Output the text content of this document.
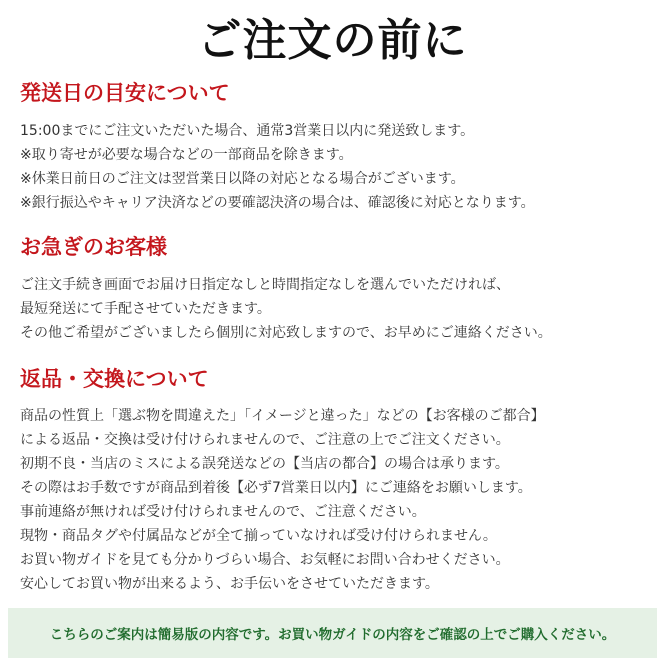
ご注文の前に
発送日の目安について
15:00までにご注文いただいた場合、通常3営業日以内に発送致します。
※取り寄せが必要な場合などの一部商品を除きます。
※休業日前日のご注文は翌営業日以降の対応となる場合がございます。
※銀行振込やキャリア決済などの要確認決済の場合は、確認後に対応となります。
お急ぎのお客様
ご注文手続き画面でお届け日指定なしと時間指定なしを選んでいただければ、
最短発送にて手配させていただきます。
その他ご希望がございましたら個別に対応致しますので、お早めにご連絡ください。
返品・交換について
商品の性質上「選ぶ物を間違えた」「イメージと違った」などの【お客様のご都合】
による返品・交換は受け付けられませんので、ご注意の上でご注文ください。
初期不良・当店のミスによる誤発送などの【当店の都合】の場合は承ります。
その際はお手数ですが商品到着後【必ず7営業日以内】にご連絡をお願いします。
事前連絡が無ければ受け付けられませんので、ご注意ください。
現物・商品タグや付属品などが全て揃っていなければ受け付けられません。
お買い物ガイドを見ても分かりづらい場合、お気軽にお問い合わせください。
安心してお買い物が出来るよう、お手伝いをさせていただきます。
こちらのご案内は簡易版の内容です。お買い物ガイドの内容をご確認の上でご購入ください。
